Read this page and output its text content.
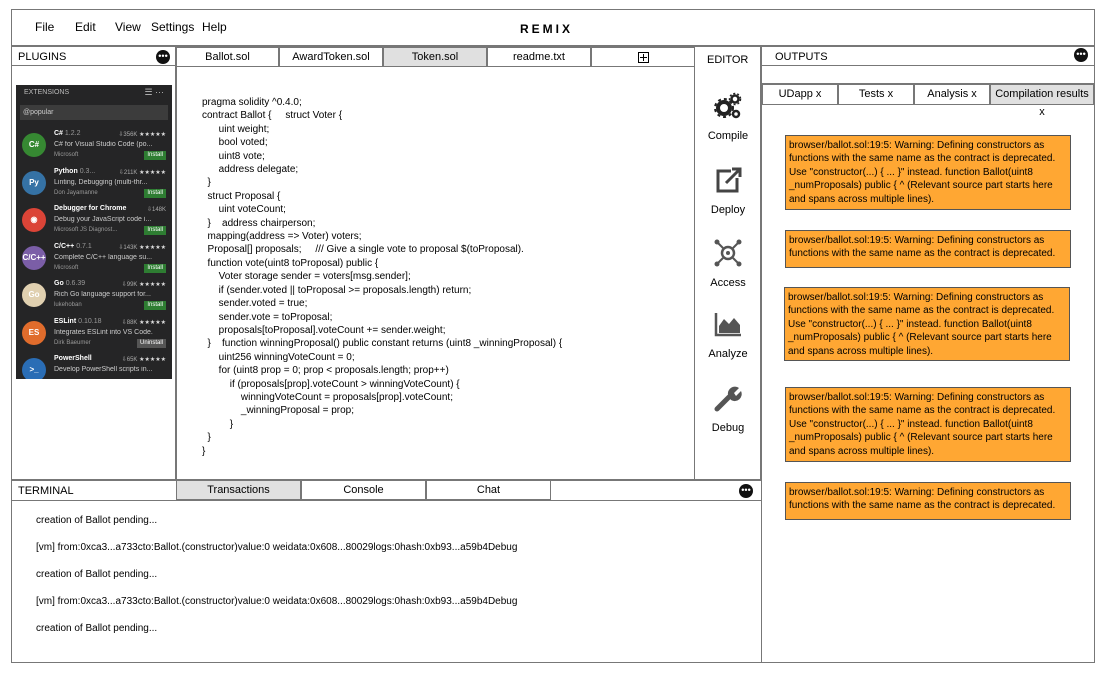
File Edit View Settings Help	REMIX
PLUGINS	•••
EXTENSIONS	☰ ···
@popular
C#
C# 1.2.2	⇩356K ★★★★★
C# for Visual Studio Code (po...
Microsoft	Install
Py
Python 0.3...	⇩211K ★★★★★
Linting, Debugging (multi-thr...
Don Jayamanne	Install
◉
Debugger for Chrome	⇩148K
Debug your JavaScript code i...
Microsoft JS Diagnost...	Install
C/C++
C/C++ 0.7.1	⇩143K ★★★★★
Complete C/C++ language su...
Microsoft	Install
Go
Go 0.6.39	⇩99K ★★★★★
Rich Go language support for...
lukehoban	Install
ES
ESLint 0.10.18	⇩88K ★★★★★
Integrates ESLint into VS Code.
Dirk Baeumer	Uninstall
>_
PowerShell	⇩65K ★★★★★
Develop PowerShell scripts in...
Ballot.sol	AwardToken.sol	Token.sol	readme.txt
pragma solidity ^0.4.0;
contract Ballot {     struct Voter {
uint weight;
bool voted;
uint8 vote;
address delegate;
}
struct Proposal {
uint voteCount;
}    address chairperson;
mapping(address => Voter) voters;
Proposal[] proposals;     /// Give a single vote to proposal $(toProposal).
function vote(uint8 toProposal) public {
Voter storage sender = voters[msg.sender];
if (sender.voted || toProposal >= proposals.length) return;
sender.voted = true;
sender.vote = toProposal;
proposals[toProposal].voteCount += sender.weight;
}    function winningProposal() public constant returns (uint8 _winningProposal) {
uint256 winningVoteCount = 0;
for (uint8 prop = 0; prop < proposals.length; prop++)
if (proposals[prop].voteCount > winningVoteCount) {
winningVoteCount = proposals[prop].voteCount;
_winningProposal = prop;
}
}
}
EDITOR
Compile
Deploy
Access
Analyze
Debug
OUTPUTS	•••
UDapp x	Tests x	Analysis x	Compilation results x
browser/ballot.sol:19:5: Warning: Defining constructors as functions with the same name as the contract is deprecated. Use "constructor(...) { ... }" instead. function Ballot(uint8 _numProposals) public { ^ (Relevant source part starts here and spans across multiple lines).
browser/ballot.sol:19:5: Warning: Defining constructors as functions with the same name as the contract is deprecated.
browser/ballot.sol:19:5: Warning: Defining constructors as functions with the same name as the contract is deprecated. Use "constructor(...) { ... }" instead. function Ballot(uint8 _numProposals) public { ^ (Relevant source part starts here and spans across multiple lines).
browser/ballot.sol:19:5: Warning: Defining constructors as functions with the same name as the contract is deprecated. Use "constructor(...) { ... }" instead. function Ballot(uint8 _numProposals) public { ^ (Relevant source part starts here and spans across multiple lines).
browser/ballot.sol:19:5: Warning: Defining constructors as functions with the same name as the contract is deprecated.
TERMINAL	Transactions	Console	Chat	•••
creation of Ballot pending...
[vm] from:0xca3...a733cto:Ballot.(constructor)value:0 weidata:0x608...80029logs:0hash:0xb93...a59b4Debug
creation of Ballot pending...
[vm] from:0xca3...a733cto:Ballot.(constructor)value:0 weidata:0x608...80029logs:0hash:0xb93...a59b4Debug
creation of Ballot pending...
